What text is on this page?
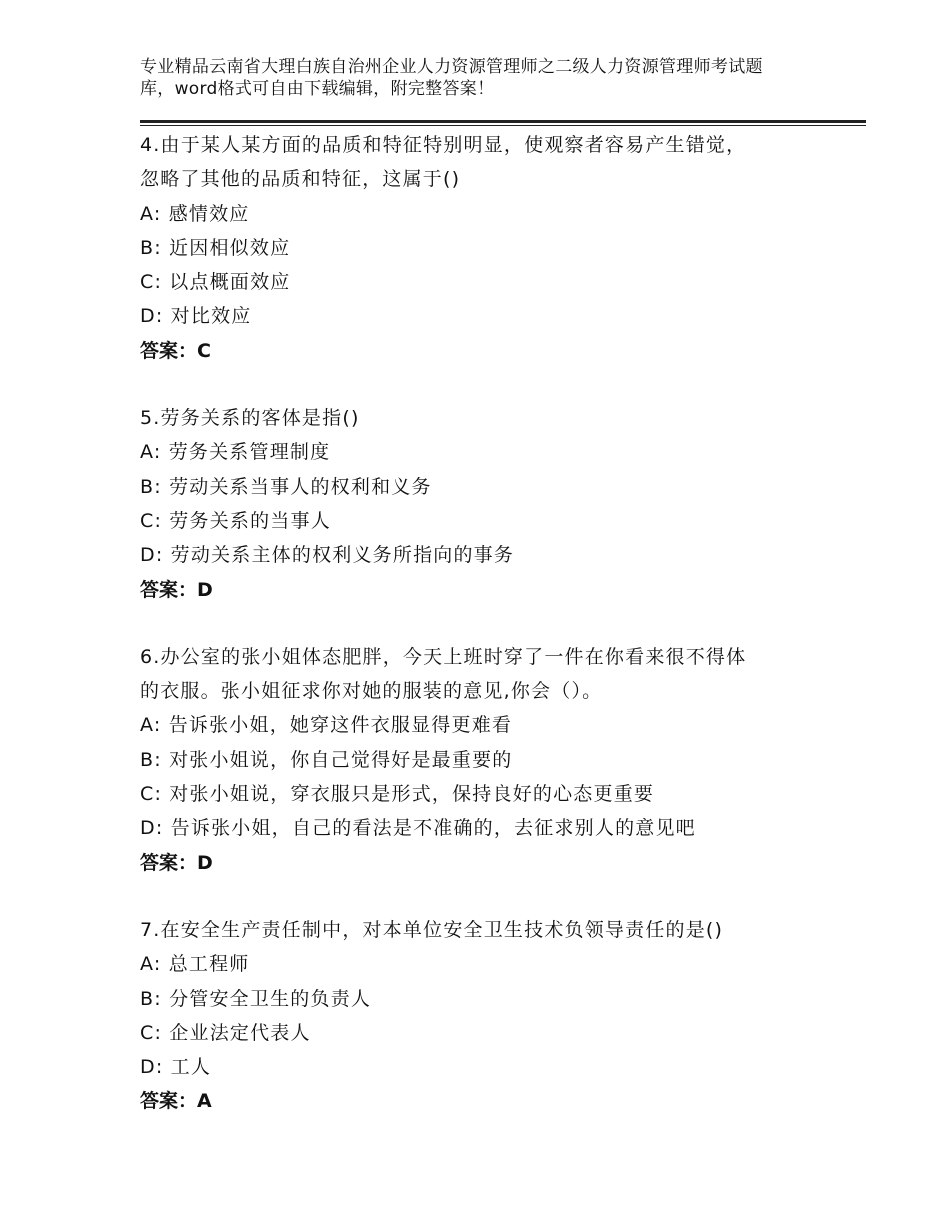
专业精品云南省大理白族自治州企业人力资源管理师之二级人力资源管理师考试题
库，word格式可自由下载编辑，附完整答案！
4.由于某人某方面的品质和特征特别明显，使观察者容易产生错觉，
忽略了其他的品质和特征，这属于()
A: 感情效应
B: 近因相似效应
C: 以点概面效应
D: 对比效应
答案：C
5.劳务关系的客体是指()
A: 劳务关系管理制度
B: 劳动关系当事人的权利和义务
C: 劳务关系的当事人
D: 劳动关系主体的权利义务所指向的事务
答案：D
6.办公室的张小姐体态肥胖，今天上班时穿了一件在你看来很不得体
的衣服。张小姐征求你对她的服装的意见,你会（）。
A: 告诉张小姐，她穿这件衣服显得更难看
B: 对张小姐说，你自己觉得好是最重要的
C: 对张小姐说，穿衣服只是形式，保持良好的心态更重要
D: 告诉张小姐，自己的看法是不准确的，去征求别人的意见吧
答案：D
7.在安全生产责任制中，对本单位安全卫生技术负领导责任的是()
A: 总工程师
B: 分管安全卫生的负责人
C: 企业法定代表人
D: 工人
答案：A
